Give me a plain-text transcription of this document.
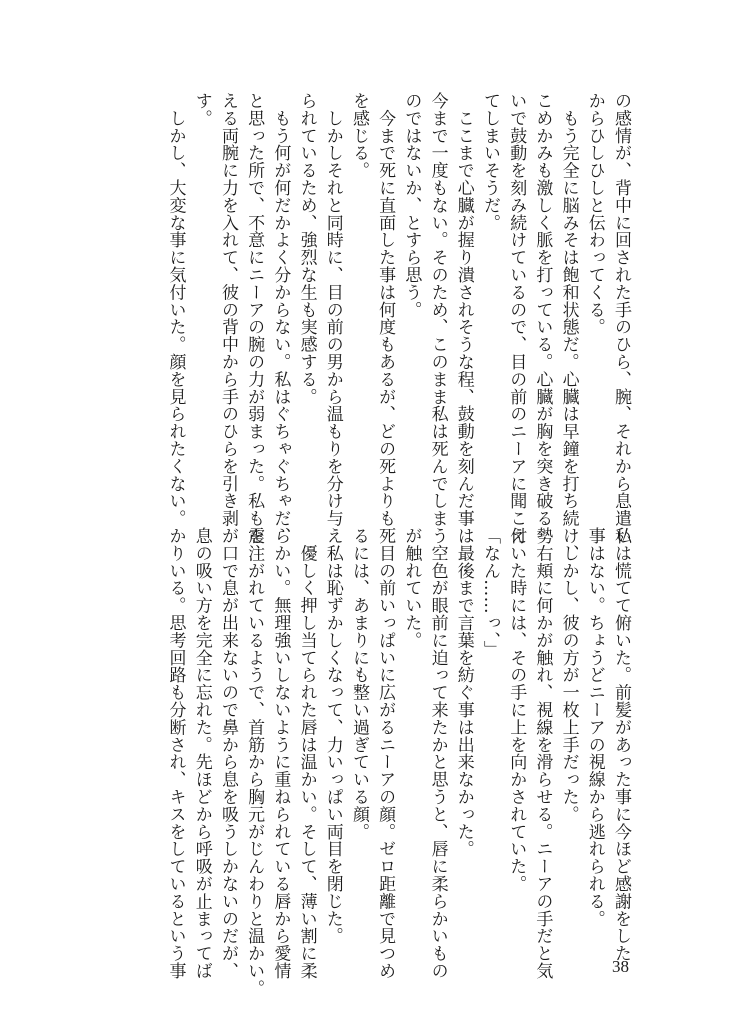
の感情が、背中に回された手のひら、腕、それから息遣い

からひしひしと伝わってくる。

　もう完全に脳みそは飽和状態だ。心臓は早鐘を打ち続け、

こめかみも激しく脈を打っている。心臓が胸を突き破る勢

いで鼓動を刻み続けているので、目の前のニーアに聞こえ

てしまいそうだ。

　ここまで心臓が握り潰されそうな程、鼓動を刻んだ事は

今まで一度もない。そのため、このまま私は死んでしまう

のではないか、とすら思う。

　今まで死に直面した事は何度もあるが、どの死よりも死

を感じる。

　しかしそれと同時に、目の前の男から温もりを分け与え

られているため、強烈な生も実感する。

　もう何が何だかよく分からない。私はぐちゃぐちゃだ、

と思った所で、不意にニーアの腕の力が弱まった。私も震

える両腕に力を入れて、彼の背中から手のひらを引き剥が

す。

　しかし、大変な事に気付いた。顔を見られたくない。

私は慌てて俯いた。前髪があった事に今ほど感謝をした

事はない。ちょうどニーアの視線から逃れられる。

　しかし、彼の方が一枚上手だった。

　右頬に何かが触れ、視線を滑らせる。ニーアの手だと気

付いた時には、その手に上を向かされていた。

「なん……っ、」

　最後まで言葉を紡ぐ事は出来なかった。

　空色が眼前に迫って来たかと思うと、唇に柔らかいもの

が触れていた。

　目の前いっぱいに広がるニーアの顔。ゼロ距離で見つめ

るには、あまりにも整い過ぎている顔。

　私は恥ずかしくなって、力いっぱい両目を閉じた。

　優しく押し当てられた唇は温かい。そして、薄い割に柔

らかい。無理強いしないように重ねられている唇から愛情

を注がれているようで、首筋から胸元がじんわりと温かい。

　口で息が出来ないので鼻から息を吸うしかないのだが、

息の吸い方を完全に忘れた。先ほどから呼吸が止まってば

かりいる。思考回路も分断され、キスをしているという事	38
